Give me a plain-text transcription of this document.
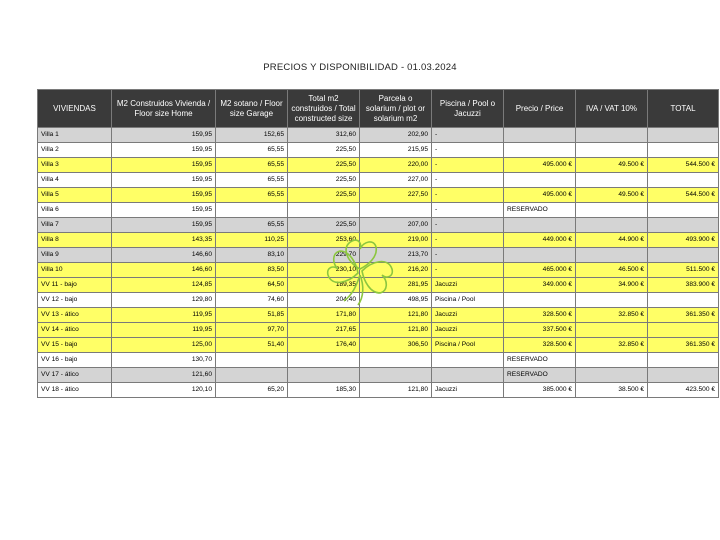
PRECIOS Y DISPONIBILIDAD - 01.03.2024
VIVIENDAS	M2 Construidos Vivienda / Floor size Home	M2 sotano / Floor size Garage	Total m2 construidos / Total constructed size	Parcela o solarium / plot or solarium m2	Piscina / Pool o Jacuzzi	Precio / Price	IVA / VAT 10%	TOTAL
Villa 1	159,95	152,65	312,60	202,90	-			
Villa 2	159,95	65,55	225,50	215,95	-			
Villa 3	159,95	65,55	225,50	220,00	-	495.000 €	49.500 €	544.500 €
Villa 4	159,95	65,55	225,50	227,00	-			
Villa 5	159,95	65,55	225,50	227,50	-	495.000 €	49.500 €	544.500 €
Villa 6	159,95				-	RESERVADO		
Villa 7	159,95	65,55	225,50	207,00	-			
Villa 8	143,35	110,25	253,60	219,00	-	449.000 €	44.900 €	493.900 €
Villa 9	146,60	83,10	229,70	213,70	-			
Villa 10	146,60	83,50	230,10	216,20	-	465.000 €	46.500 €	511.500 €
VV 11 - bajo	124,85	64,50	189,35	281,95	Jacuzzi	349.000 €	34.900 €	383.900 €
VV 12 - bajo	129,80	74,60	204,40	498,95	Piscina / Pool			
VV 13 - ático	119,95	51,85	171,80	121,80	Jacuzzi	328.500 €	32.850 €	361.350 €
VV 14 - ático	119,95	97,70	217,65	121,80	Jacuzzi	337.500 €		
VV 15 - bajo	125,00	51,40	176,40	306,50	Piscina / Pool	328.500 €	32.850 €	361.350 €
VV 16 - bajo	130,70					RESERVADO		
VV 17 - ático	121,60					RESERVADO		
VV 18 - ático	120,10	65,20	185,30	121,80	Jacuzzi	385.000 €	38.500 €	423.500 €
